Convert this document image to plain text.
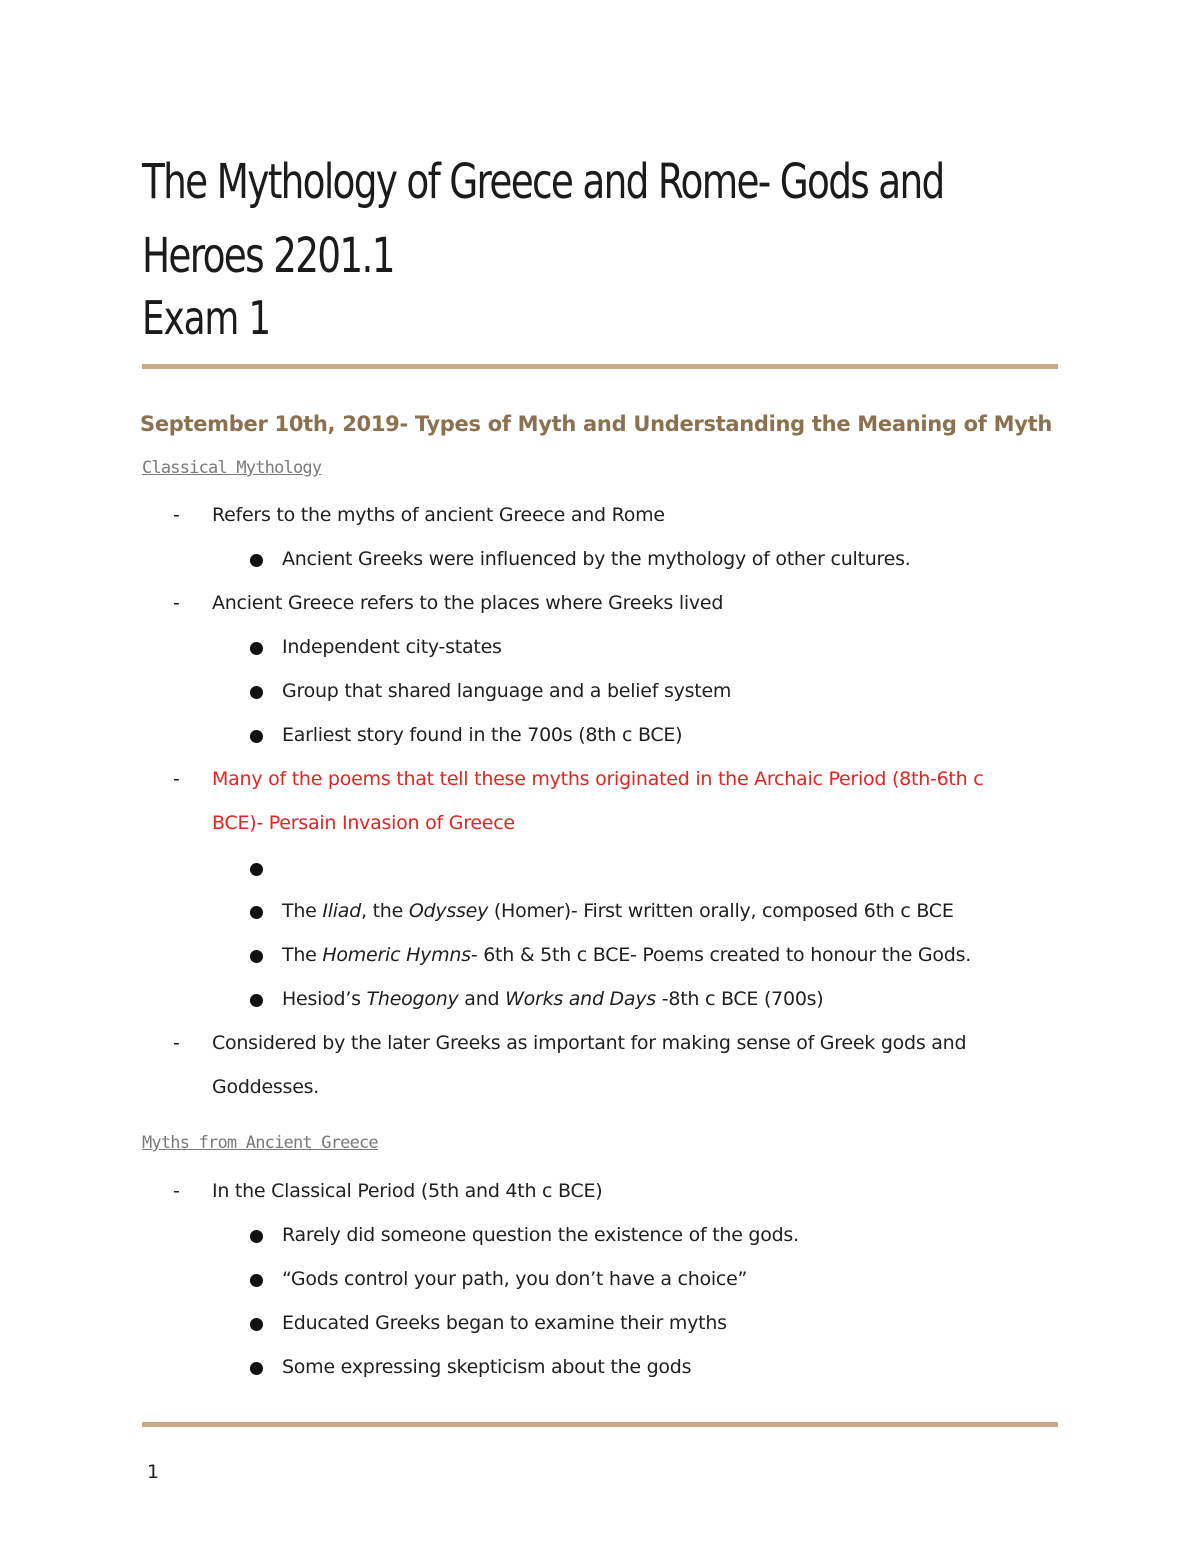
The Mythology of Greece and Rome- Gods and
Heroes 2201.1
Exam 1
September 10th, 2019- Types of Myth and Understanding the Meaning of Myth
Classical Mythology
- Refers to the myths of ancient Greece and Rome
Ancient Greeks were influenced by the mythology of other cultures.
- Ancient Greece refers to the places where Greeks lived
Independent city-states
Group that shared language and a belief system
Earliest story found in the 700s (8th c BCE)
- Many of the poems that tell these myths originated in the Archaic Period (8th-6th c
BCE)- Persain Invasion of Greece
The Iliad, the Odyssey (Homer)- First written orally, composed 6th c BCE
The Homeric Hymns- 6th & 5th c BCE- Poems created to honour the Gods.
Hesiod’s Theogony and Works and Days -8th c BCE (700s)
- Considered by the later Greeks as important for making sense of Greek gods and
Goddesses.
Myths from Ancient Greece
- In the Classical Period (5th and 4th c BCE)
Rarely did someone question the existence of the gods.
“Gods control your path, you don’t have a choice”
Educated Greeks began to examine their myths
Some expressing skepticism about the gods
1
